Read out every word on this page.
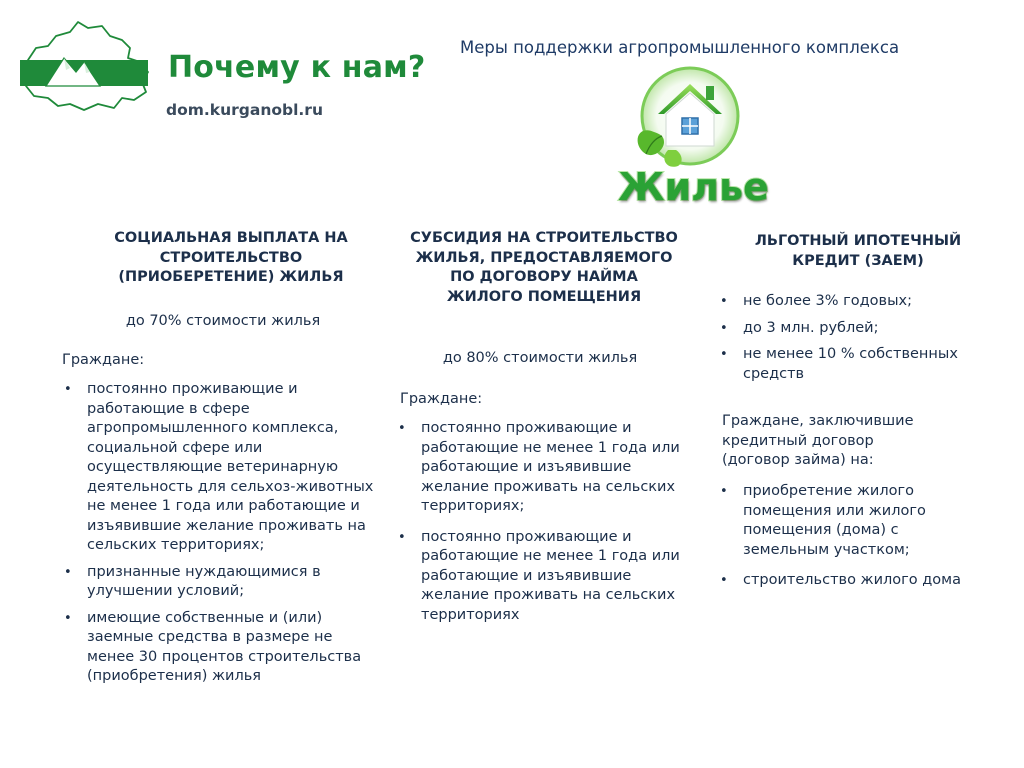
Почему к нам?
dom.kurganobl.ru
Меры поддержки агропромышленного комплекса
Жилье
СОЦИАЛЬНАЯ ВЫПЛАТА НА СТРОИТЕЛЬСТВО (ПРИОБЕРЕТЕНИЕ) ЖИЛЬЯ

до 70% стоимости жилья

Граждане:

• постоянно проживающие и работающие в сфере агропромышленного комплекса, социальной сфере или осуществляющие ветеринарную деятельность для сельхоз-животных не менее 1 года или работающие и изъявившие желание проживать на сельских территориях;
• признанные нуждающимися в улучшении условий;
• имеющие собственные и (или) заемные средства в размере не менее 30 процентов строительства (приобретения) жилья
СУБСИДИЯ НА СТРОИТЕЛЬСТВО ЖИЛЬЯ, ПРЕДОСТАВЛЯЕМОГО ПО ДОГОВОРУ НАЙМА ЖИЛОГО ПОМЕЩЕНИЯ

до 80% стоимости жилья

Граждане:

• постоянно проживающие и работающие не менее 1 года или работающие и изъявившие желание проживать на сельских территориях;
• постоянно проживающие и работающие не менее 1 года или работающие и изъявившие желание проживать на сельских территориях
ЛЬГОТНЫЙ ИПОТЕЧНЫЙ КРЕДИТ (ЗАЕМ)
• не более 3% годовых;
• до 3 млн. рублей;
• не менее 10 % собственных средств

Граждане, заключившие кредитный договор (договор займа) на:

• приобретение жилого помещения или жилого помещения (дома) с земельным участком;
• строительство жилого дома
